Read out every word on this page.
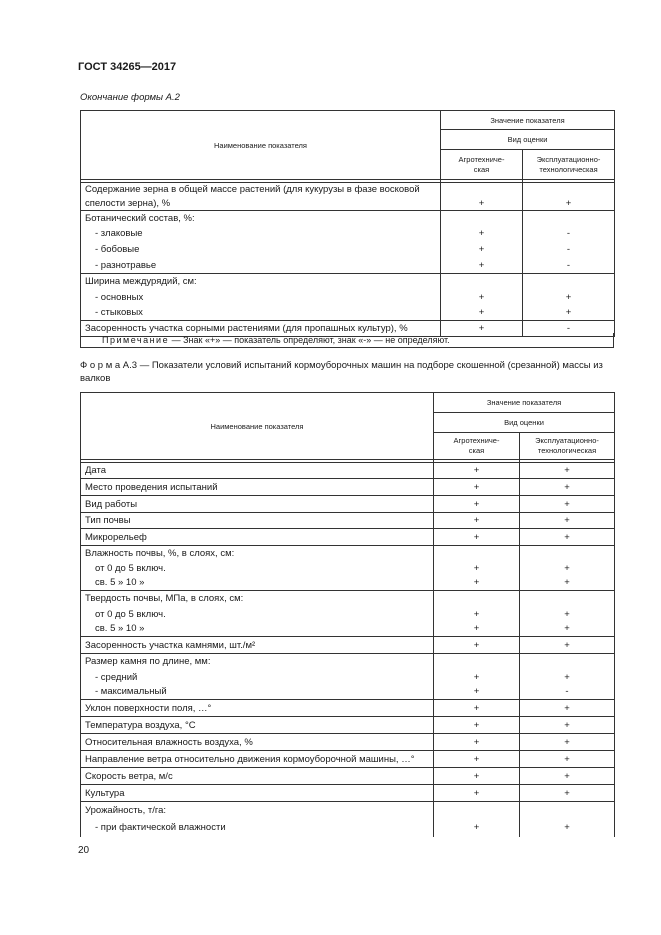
ГОСТ 34265—2017
Окончание формы А.2
Наименование показателя	Значение показателя	
	Вид оценки	
	Агротехниче-
ская	Эксплуатационно-
технологическая

Содержание зерна в общей массе растений (для кукурузы в фазе восковой		
спелости зерна), %	+	+
Ботанический состав, %:		
- злаковые	+	-
- бобовые	+	-
- разнотравье	+	-
Ширина междурядий, см:		
- основных	+	+
- стыковых	+	+
Засоренность участка сорными растениями (для пропашных культур), %	+	-
Примечание — Знак «+» — показатель определяют, знак «-» — не определяют.
Ф о р м а А.3 — Показатели условий испытаний кормоуборочных машин на подборе скошенной (срезанной) массы из валков
Наименование показателя	Значение показателя	
	Вид оценки	
	Агротехниче-
ская	Эксплуатационно-
технологическая

Дата	+	+
Место проведения испытаний	+	+
Вид работы	+	+
Тип почвы	+	+
Микрорельеф	+	+
Влажность почвы, %, в слоях, см:		
от 0 до 5 включ.	+	+
св. 5 » 10 »	+	+
Твердость почвы, МПа, в слоях, см:		
от 0 до 5 включ.	+	+
св. 5 » 10 »	+	+
Засоренность участка камнями, шт./м²	+	+
Размер камня по длине, мм:		
- средний	+	+
- максимальный	+	-
Уклон поверхности поля, …°	+	+
Температура воздуха, °С	+	+
Относительная влажность воздуха, %	+	+
Направление ветра относительно движения кормоуборочной машины, …°	+	+
Скорость ветра, м/с	+	+
Культура	+	+
Урожайность, т/га:		
- при фактической влажности	+	+
20
